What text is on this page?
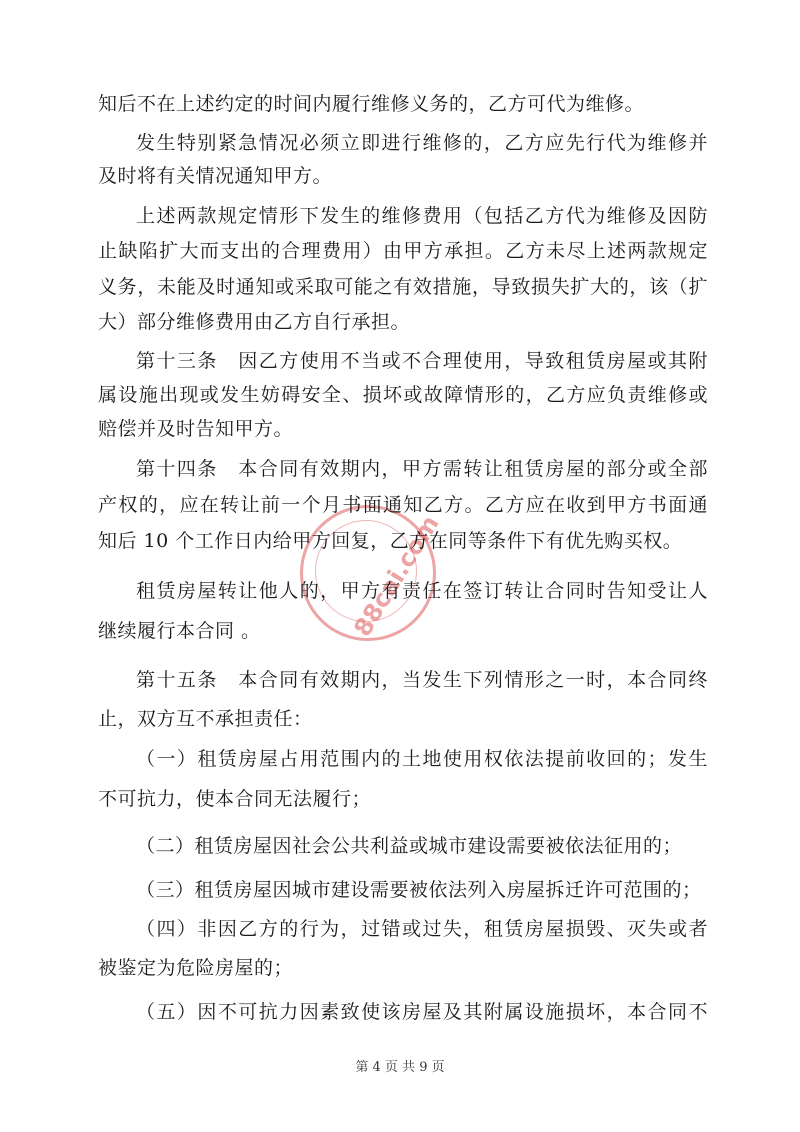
88cai.com
知后不在上述约定的时间内履行维修义务的，乙方可代为维修。
发生特别紧急情况必须立即进行维修的，乙方应先行代为维修并
及时将有关情况通知甲方。
上述两款规定情形下发生的维修费用（包括乙方代为维修及因防
止缺陷扩大而支出的合理费用）由甲方承担。乙方未尽上述两款规定
义务，未能及时通知或采取可能之有效措施，导致损失扩大的，该（扩
大）部分维修费用由乙方自行承担。
第十三条　因乙方使用不当或不合理使用，导致租赁房屋或其附
属设施出现或发生妨碍安全、损坏或故障情形的，乙方应负责维修或
赔偿并及时告知甲方。
第十四条　本合同有效期内，甲方需转让租赁房屋的部分或全部
产权的，应在转让前一个月书面通知乙方。乙方应在收到甲方书面通
知后 10 个工作日内给甲方回复，乙方在同等条件下有优先购买权。
租赁房屋转让他人的，甲方有责任在签订转让合同时告知受让人
继续履行本合同 。
第十五条　本合同有效期内，当发生下列情形之一时，本合同终
止，双方互不承担责任：
（一）租赁房屋占用范围内的土地使用权依法提前收回的；发生
不可抗力，使本合同无法履行；
（二）租赁房屋因社会公共利益或城市建设需要被依法征用的；
（三）租赁房屋因城市建设需要被依法列入房屋拆迁许可范围的；
（四）非因乙方的行为，过错或过失，租赁房屋损毁、灭失或者
被鉴定为危险房屋的；
（五）因不可抗力因素致使该房屋及其附属设施损坏，本合同不
第 4 页 共 9 页
